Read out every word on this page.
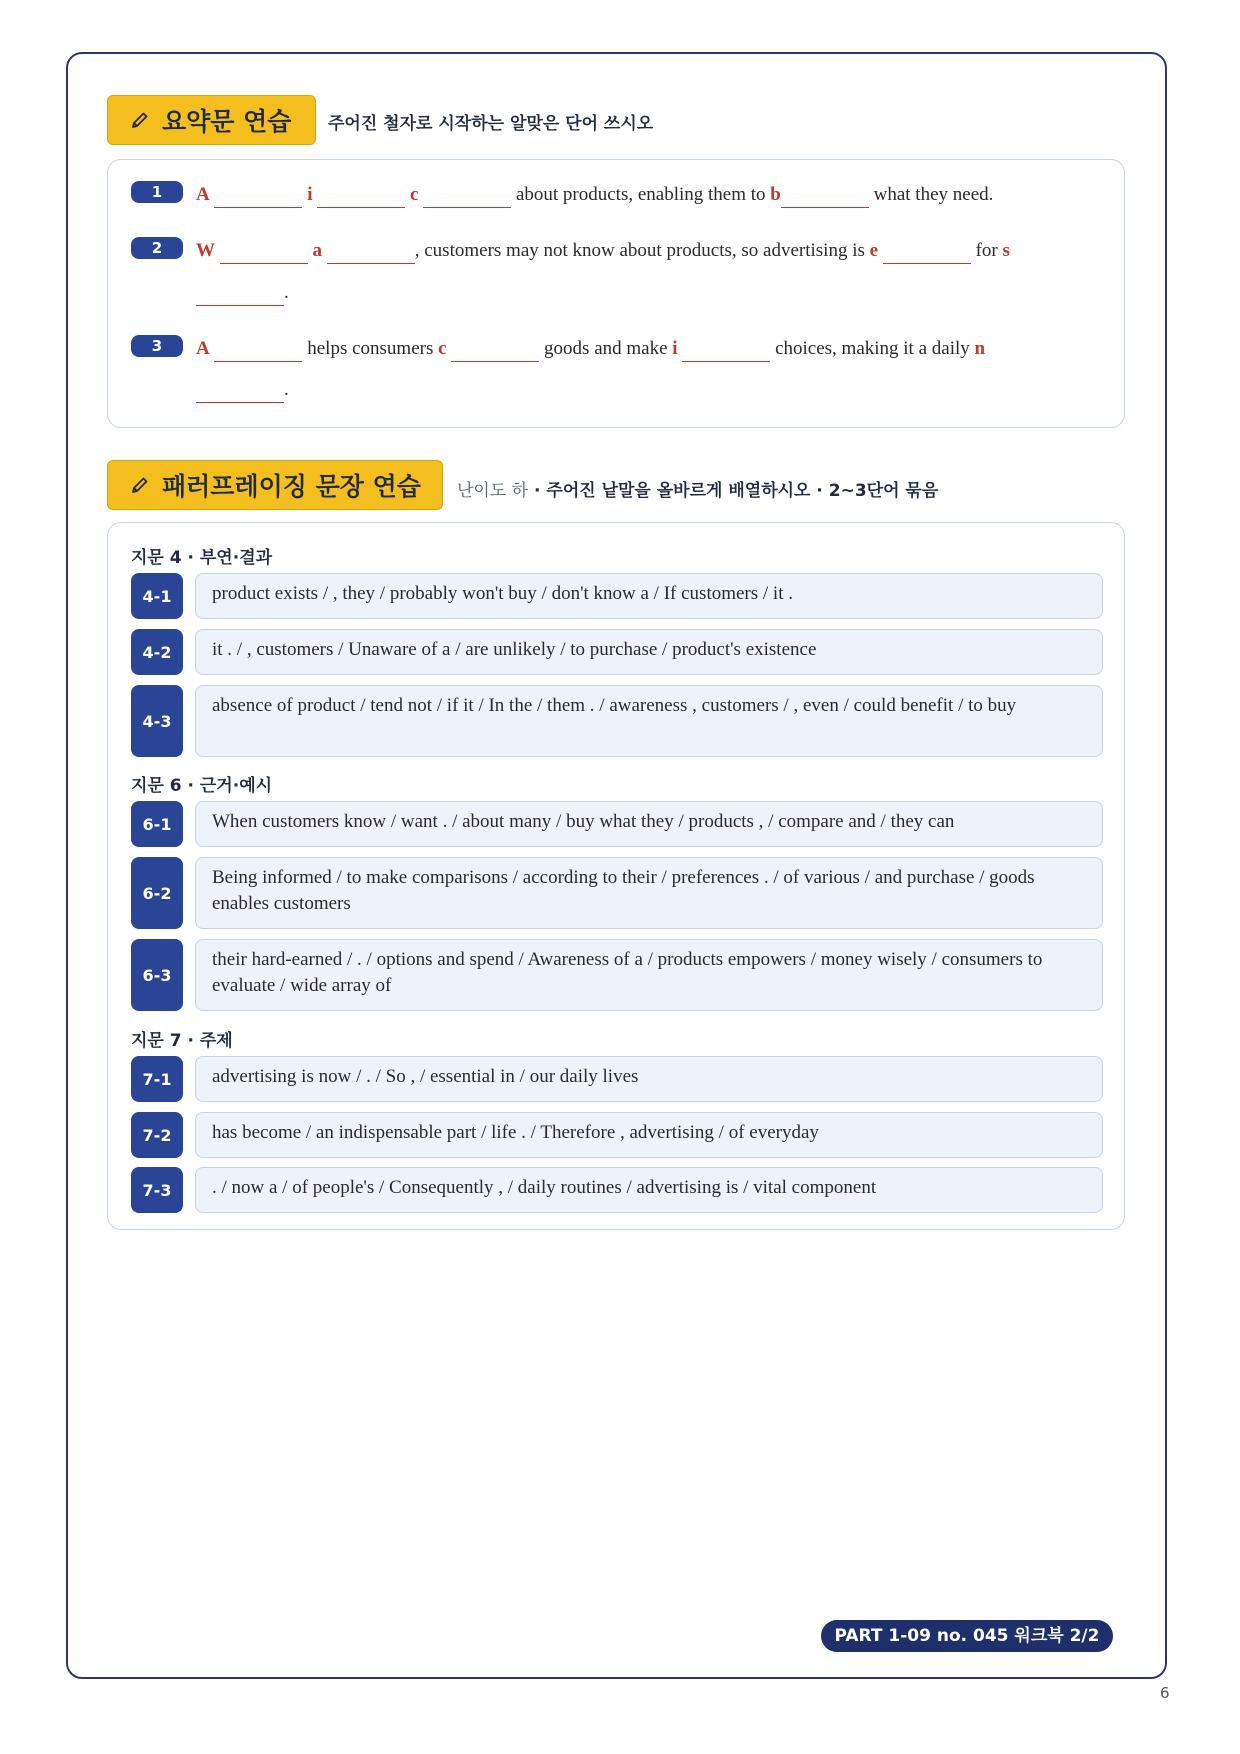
요약문 연습 주어진 철자로 시작하는 알맞은 단어 쓰시오
1	A	i	c	about products, enabling them to b	what they need.
2	W	a	, customers may not know about products, so advertising is e	for s
.
3	A	helps consumers c	goods and make i	choices, making it a daily n
.
패러프레이징 문장 연습 난이도 하 · 주어진 낱말을 올바르게 배열하시오 · 2~3단어 묶음
지문 4 · 부연·결과
4-1	product exists / , they / probably won't buy / don't know a / If customers / it .
4-2	it . / , customers / Unaware of a / are unlikely / to purchase / product's existence
4-3
absence of product / tend not / if it / In the / them . / awareness , customers / , even / could benefit / to buy
지문 6 · 근거·예시
6-1	When customers know / want . / about many / buy what they / products , / compare and / they can
6-2
Being informed / to make comparisons / according to their / preferences . / of various / and purchase / goods enables customers
6-3
their hard-earned / . / options and spend / Awareness of a / products empowers / money wisely / consumers to evaluate / wide array of
지문 7 · 주제
7-1	advertising is now / . / So , / essential in / our daily lives
7-2	has become / an indispensable part / life . / Therefore , advertising / of everyday
7-3	. / now a / of people's / Consequently , / daily routines / advertising is / vital component
PART 1-09 no. 045 워크북 2/2
6
